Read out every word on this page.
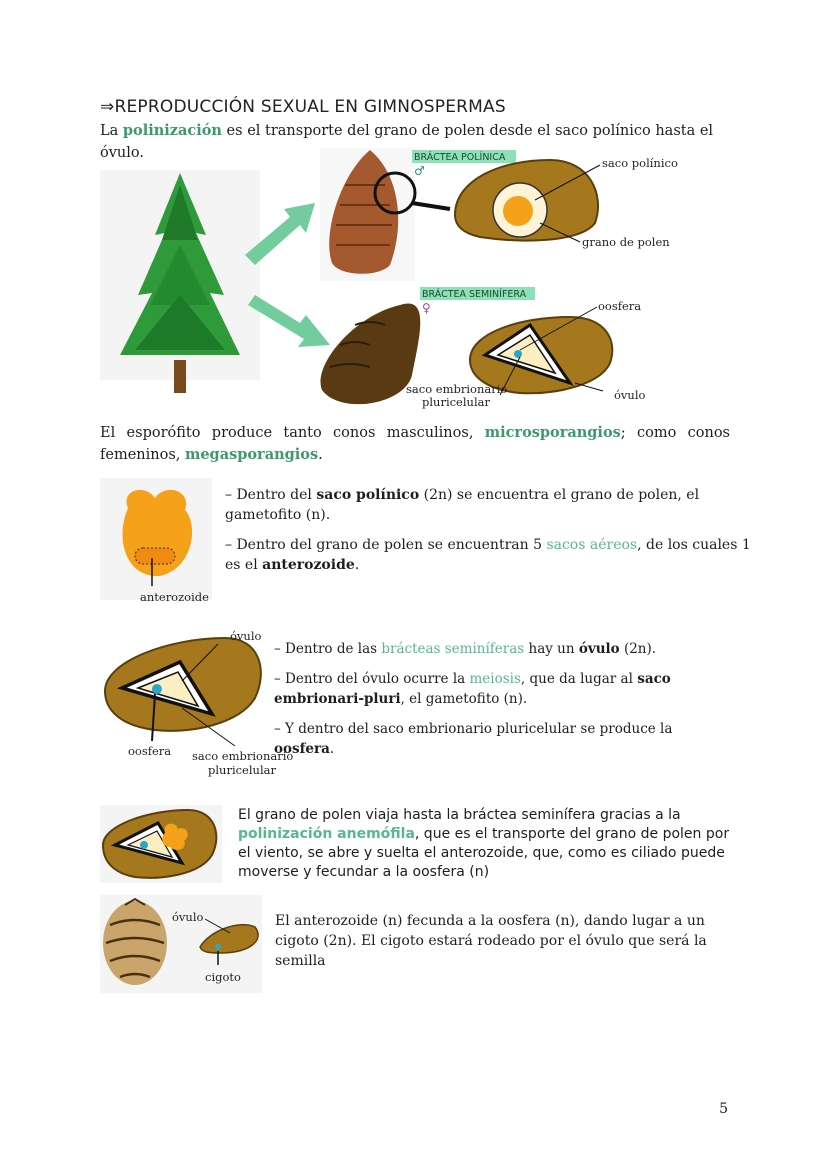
⇒REPRODUCCIÓN SEXUAL EN GIMNOSPERMAS
La polinización es el transporte del grano de polen desde el saco polínico hasta el óvulo.	BRÁCTEA POLÍNICA
♂
saco polínico
grano de polen
BRÁCTEA SEMINÍFERA
♀	oosfera
saco embrionario
pluricelular	óvulo
El esporófito produce tanto conos masculinos, microsporangios; como conos femeninos, megasporangios.
anterozoide
– Dentro del saco polínico (2n) se encuentra el grano de polen, el gametofito (n).
– Dentro del grano de polen se encuentran 5 sacos aéreos, de los cuales 1 es el anterozoide.
óvulo
oosfera saco embrionario
pluricelular
– Dentro de las brácteas seminíferas hay un óvulo (2n).
– Dentro del óvulo ocurre la meiosis, que da lugar al saco embrionari-pluri, el gametofito (n).
– Y dentro del saco embrionario pluricelular se produce la oosfera.
El grano de polen viaja hasta la bráctea seminífera gracias a la polinización anemófila, que es el transporte del grano de polen por el viento, se abre y suelta el anterozoide, que, como es ciliado puede moverse y fecundar a la oosfera (n)
óvulo
cigoto
El anterozoide (n) fecunda a la oosfera (n), dando lugar a un cigoto (2n). El cigoto estará rodeado por el óvulo que será la semilla
5
